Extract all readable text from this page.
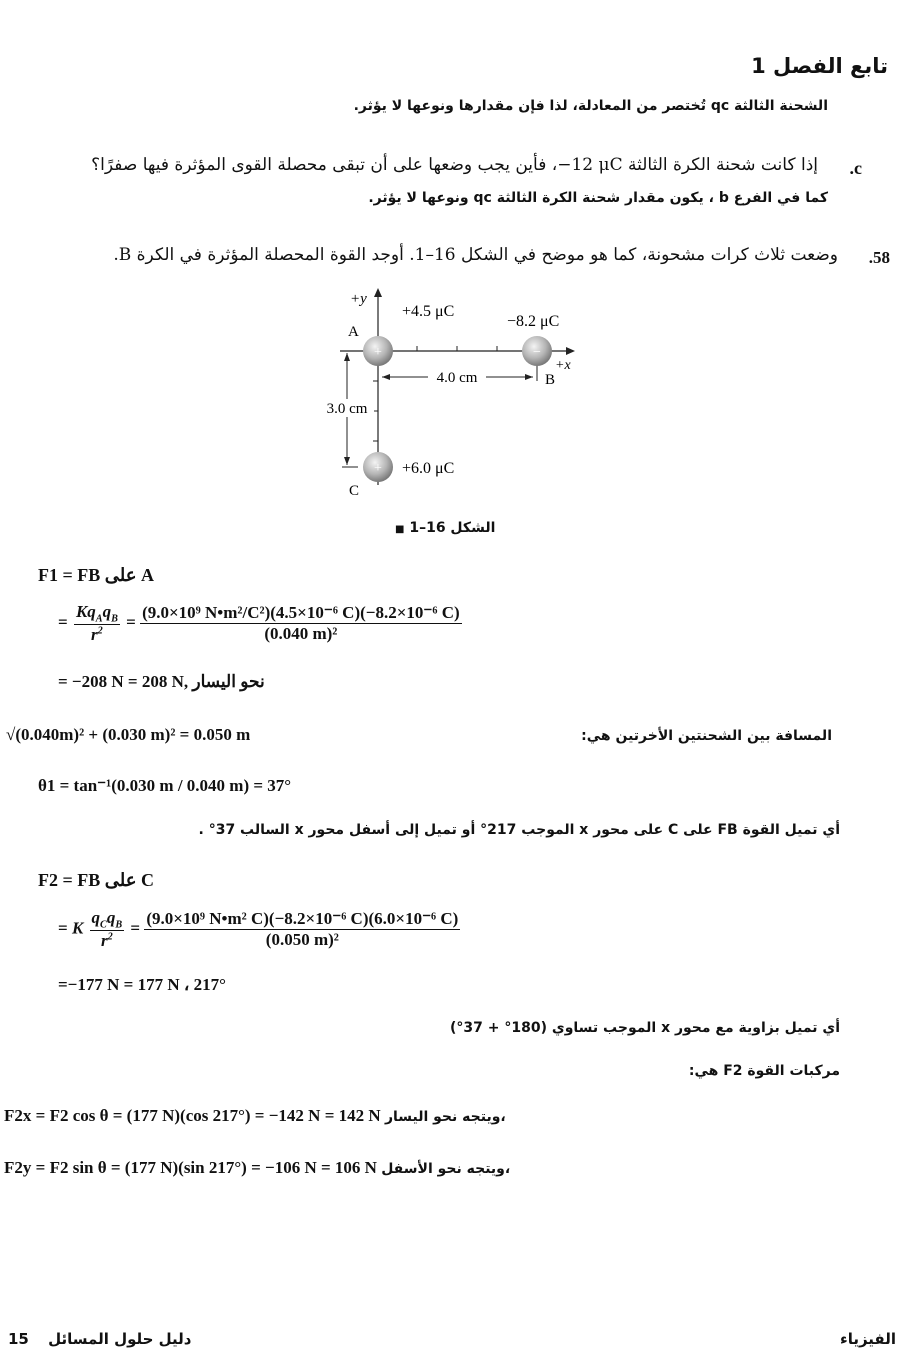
تابع الفصل 1
الشحنة الثالثة qc تُختصر من المعادلة، لذا فإن مقدارها ونوعها لا يؤثر.
.c
إذا كانت شحنة الكرة الثالثة ‎−12 μC‎، فأين يجب وضعها على أن تبقى محصلة القوى المؤثرة فيها صفرًا؟
كما في الفرع b ، يكون مقدار شحنة الكرة الثالثة qc ونوعها لا يؤثر.
.58
وضعت ثلاث كرات مشحونة، كما هو موضح في الشكل 16–1. أوجد القوة المحصلة المؤثرة في الكرة B.
4.0 cm
3.0 cm
+	−
+
+y
+4.5 μC
−8.2 μC
+6.0 μC
A
B
C
+x
الشكل 16–1 ■
F1 = FB على A
= $\frac{Kq_Aq_B}{r^2} = \frac{\text{(9.0×10⁹ N•m²/C²)(4.5×10⁻⁶ C)(−8.2×10⁻⁶ C)}}{\text{(0.040 m)²}}$
= −208 N = 208 N, نحو اليسار
المسافة بين الشحنتين الأخرتين هي:
√(0.040m)² + (0.030 m)² = 0.050 m
θ1 = tan⁻¹(0.030 m / 0.040 m) = 37°
أي تميل القوة FB على C على محور x الموجب 217° أو تميل إلى أسفل محور x السالب 37° .
F2 = FB على C
= K $\frac{q_Cq_B}{r^2} = \frac{\text{(9.0×10⁹ N•m² C)(−8.2×10⁻⁶ C)(6.0×10⁻⁶ C)}}{\text{(0.050 m)²}}$
=−177 N = 177 N ، 217°
أي تميل بزاوية مع محور x الموجب تساوي (180° + 37°)
مركبات القوة F2 هي:
F2x = F2 cos θ = (177 N)(cos 217°) = −142 N = 142 N ويتجه نحو اليسار،
F2y = F2 sin θ = (177 N)(sin 217°) = −106 N = 106 N ويتجه نحو الأسفل،
15 دليل حلول المسائل	الفيزياء
